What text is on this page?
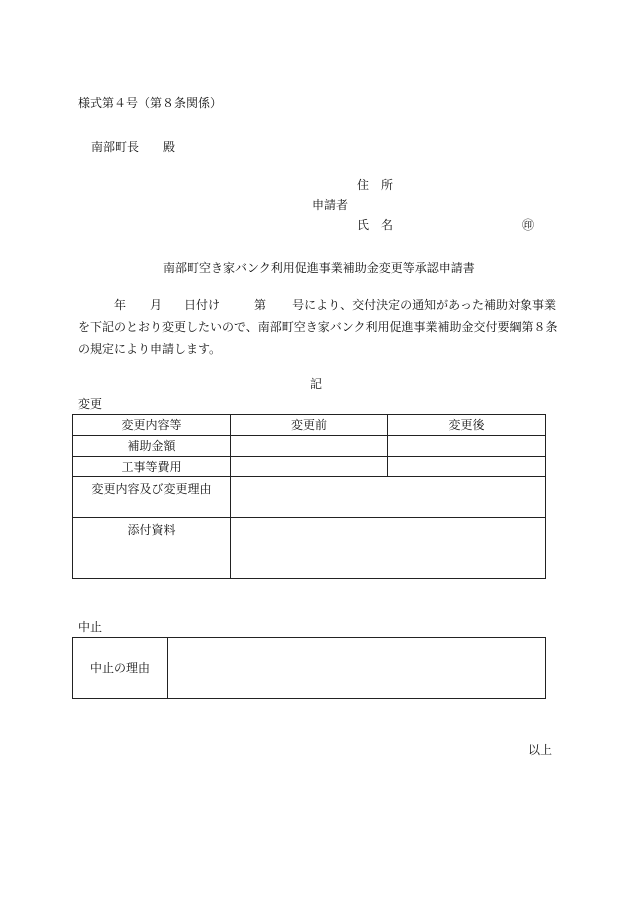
様式第４号（第８条関係）
南部町長　　殿
住　所
申請者
氏　名	㊞
南部町空き家バンク利用促進事業補助金変更等承認申請書
年 月 日付け	第 号により、交付決定の通知があった補助対象事業
を下記のとおり変更したいので、南部町空き家バンク利用促進事業補助金交付要綱第８条
の規定により申請します。
記
変更
変更内容等	変更前	変更後
補助金額		
工事等費用		
変更内容及び変更理由		
添付資料		
中止
中止の理由	
以上
